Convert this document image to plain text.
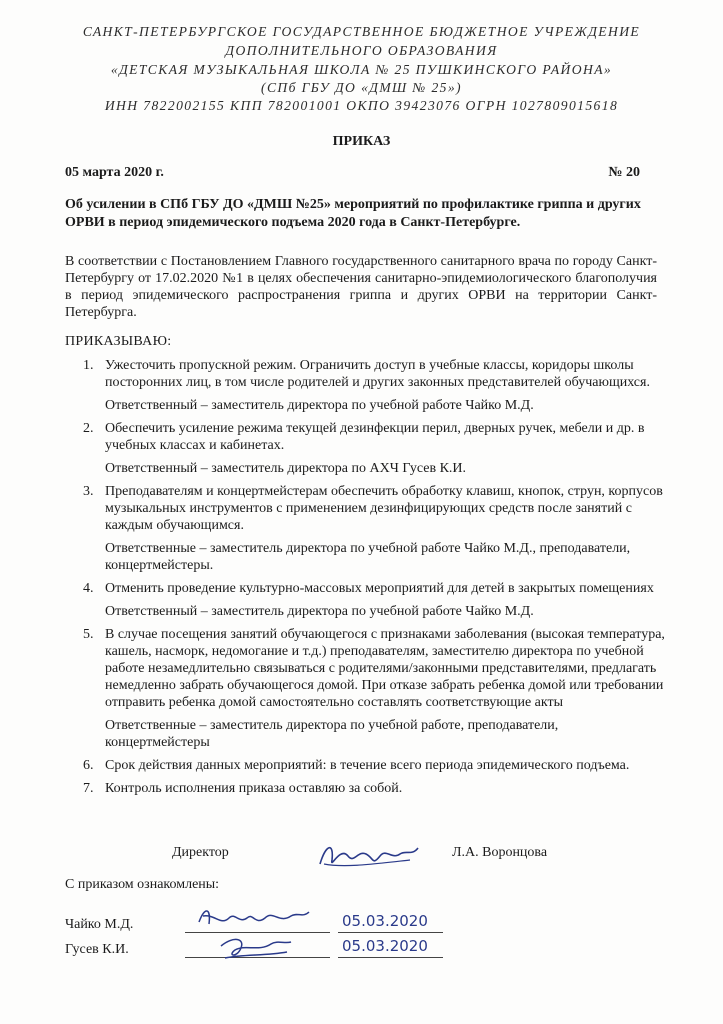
САНКТ-ПЕТЕРБУРГСКОЕ ГОСУДАРСТВЕННОЕ БЮДЖЕТНОЕ УЧРЕЖДЕНИЕ
ДОПОЛНИТЕЛЬНОГО ОБРАЗОВАНИЯ
«ДЕТСКАЯ МУЗЫКАЛЬНАЯ ШКОЛА № 25 ПУШКИНСКОГО РАЙОНА»
(СПб ГБУ ДО «ДМШ № 25»)
ИНН 7822002155 КПП 782001001 ОКПО 39423076 ОГРН 1027809015618
ПРИКАЗ
05 марта 2020 г.	№ 20
Об усилении в СПб ГБУ ДО «ДМШ №25» мероприятий по профилактике гриппа и других ОРВИ в период эпидемического подъема 2020 года в Санкт-Петербурге.
В соответствии с Постановлением Главного государственного санитарного врача по городу Санкт-Петербургу от 17.02.2020 №1 в целях обеспечения санитарно-эпидемиологического благополучия в период эпидемического распространения гриппа и других ОРВИ на территории Санкт-Петербурга.
ПРИКАЗЫВАЮ:
1. Ужесточить пропускной режим. Ограничить доступ в учебные классы, коридоры школы посторонних лиц, в том числе родителей и других законных представителей обучающихся.
Ответственный – заместитель директора по учебной работе Чайко М.Д.
2. Обеспечить усиление режима текущей дезинфекции перил, дверных ручек, мебели и др. в учебных классах и кабинетах.
Ответственный – заместитель директора по АХЧ Гусев К.И.
3. Преподавателям и концертмейстерам обеспечить обработку клавиш, кнопок, струн, корпусов музыкальных инструментов с применением дезинфицирующих средств после занятий с каждым обучающимся.
Ответственные – заместитель директора по учебной работе Чайко М.Д., преподаватели, концертмейстеры.
4. Отменить проведение культурно-массовых мероприятий для детей в закрытых помещениях
Ответственный – заместитель директора по учебной работе Чайко М.Д.
5. В случае посещения занятий обучающегося с признаками заболевания (высокая температура, кашель, насморк, недомогание и т.д.) преподавателям, заместителю директора по учебной работе незамедлительно связываться с родителями/законными представителями, предлагать немедленно забрать обучающегося домой. При отказе забрать ребенка домой или требовании отправить ребенка домой самостоятельно составлять соответствующие акты
Ответственные – заместитель директора по учебной работе, преподаватели, концертмейстеры
6. Срок действия данных мероприятий: в течение всего периода эпидемического подъема.
7. Контроль исполнения приказа оставляю за собой.
Директор	Л.А. Воронцова
С приказом ознакомлены:
Чайко М.Д.	05.03.2020
Гусев К.И.	05.03.2020
